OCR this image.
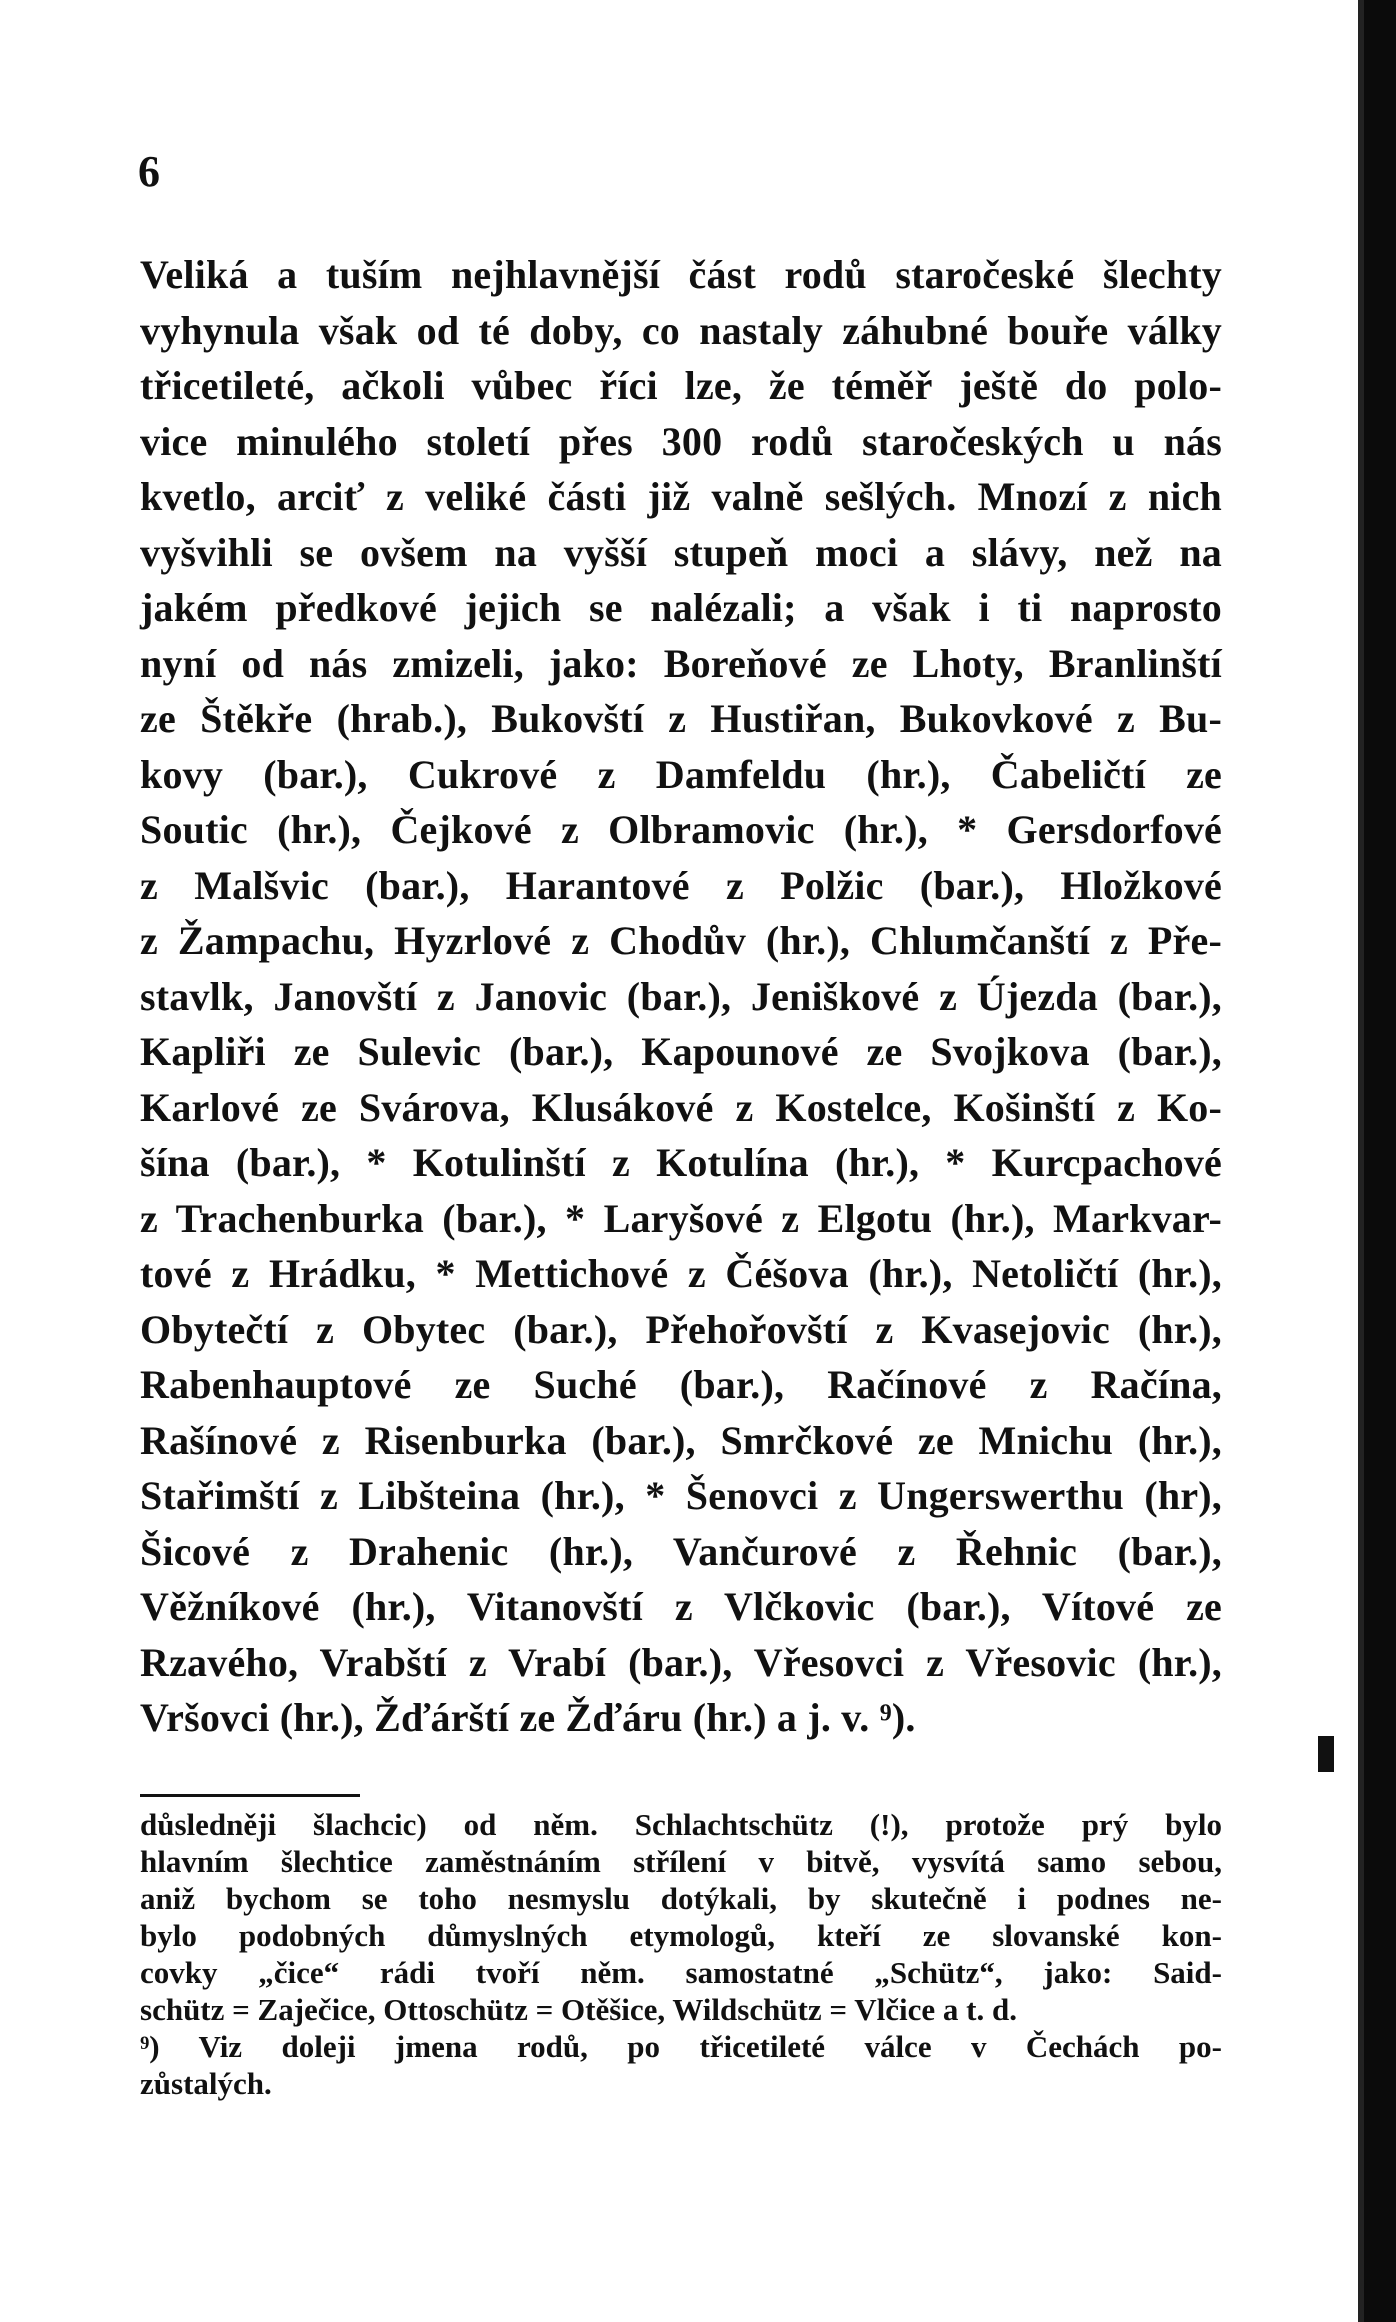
6
Veliká a tuším nejhlavnější část rodů staročeské šlechty
vyhynula však od té doby, co nastaly záhubné bouře války
třicetileté, ačkoli vůbec říci lze, že téměř ještě do polo-
vice minulého století přes 300 rodů staročeských u nás
kvetlo, arciť z veliké části již valně sešlých. Mnozí z nich
vyšvihli se ovšem na vyšší stupeň moci a slávy, než na
jakém předkové jejich se nalézali; a však i ti naprosto
nyní od nás zmizeli, jako: Boreňové ze Lhoty, Branlinští
ze Štěkře (hrab.), Bukovští z Hustiřan, Bukovkové z Bu-
kovy (bar.), Cukrové z Damfeldu (hr.), Čabeličtí ze
Soutic (hr.), Čejkové z Olbramovic (hr.), * Gersdorfové
z Malšvic (bar.), Harantové z Polžic (bar.), Hložkové
z Žampachu, Hyzrlové z Chodův (hr.), Chlumčanští z Pře-
stavlk, Janovští z Janovic (bar.), Jeniškové z Újezda (bar.),
Kapliři ze Sulevic (bar.), Kapounové ze Svojkova (bar.),
Karlové ze Svárova, Klusákové z Kostelce, Košinští z Ko-
šína (bar.), * Kotulinští z Kotulína (hr.), * Kurcpachové
z Trachenburka (bar.), * Laryšové z Elgotu (hr.), Markvar-
tové z Hrádku, * Mettichové z Čéšova (hr.), Netoličtí (hr.),
Obytečtí z Obytec (bar.), Přehořovští z Kvasejovic (hr.),
Rabenhauptové ze Suché (bar.), Račínové z Račína,
Rašínové z Risenburka (bar.), Smrčkové ze Mnichu (hr.),
Stařimští z Libšteina (hr.), * Šenovci z Ungerswerthu (hr),
Šicové z Drahenic (hr.), Vančurové z Řehnic (bar.),
Věžníkové (hr.), Vitanovští z Vlčkovic (bar.), Vítové ze
Rzavého, Vrabští z Vrabí (bar.), Vřesovci z Vřesovic (hr.),
Vršovci (hr.), Žďárští ze Žďáru (hr.) a j. v. ⁹).
důsledněji šlachcic) od něm. Schlachtschütz (!), protože prý bylo
hlavním šlechtice zaměstnáním střílení v bitvě, vysvítá samo sebou,
aniž bychom se toho nesmyslu dotýkali, by skutečně i podnes ne-
bylo podobných důmyslných etymologů, kteří ze slovanské kon-
covky „čice“ rádi tvoří něm. samostatné „Schütz“, jako: Said-
schütz = Zaječice, Ottoschütz = Otěšice, Wildschütz = Vlčice a t. d.
⁹) Viz doleji jmena rodů, po třicetileté válce v Čechách po-
zůstalých.
